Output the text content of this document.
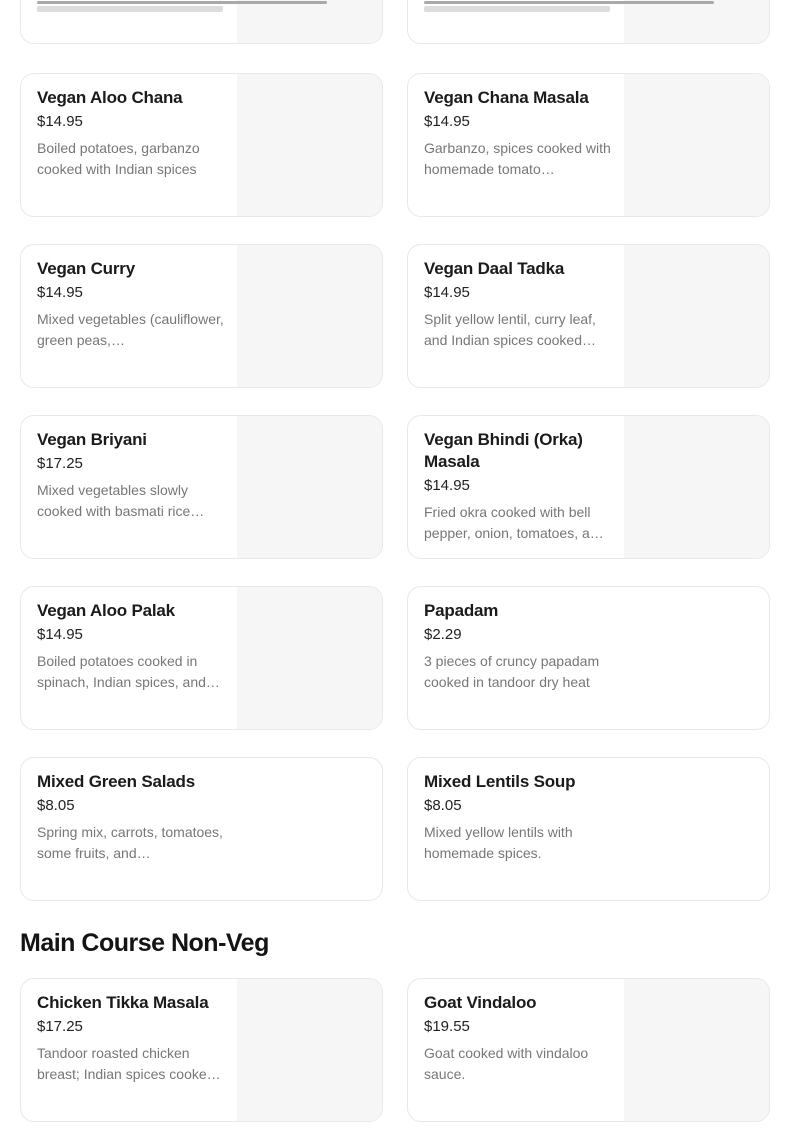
Vegan Aloo Chana
$14.95
Boiled potatoes, garbanzo cooked with Indian spices
Vegan Chana Masala
$14.95
Garbanzo, spices cooked with homemade tomato…
Vegan Curry
$14.95
Mixed vegetables (cauliflower, green peas,…
Vegan Daal Tadka
$14.95
Split yellow lentil, curry leaf, and Indian spices cooked…
Vegan Briyani
$17.25
Mixed vegetables slowly cooked with basmati rice…
Vegan Bhindi (Orka) Masala
$14.95
Fried okra cooked with bell pepper, onion, tomatoes, a…
Vegan Aloo Palak
$14.95
Boiled potatoes cooked in spinach, Indian spices, and…
Papadam
$2.29
3 pieces of cruncy papadam cooked in tandoor dry heat
Mixed Green Salads
$8.05
Spring mix, carrots, tomatoes, some fruits, and…
Mixed Lentils Soup
$8.05
Mixed yellow lentils with homemade spices.
Main Course Non-Veg
Chicken Tikka Masala
$17.25
Tandoor roasted chicken breast; Indian spices cooke…
Goat Vindaloo
$19.55
Goat cooked with vindaloo sauce.
